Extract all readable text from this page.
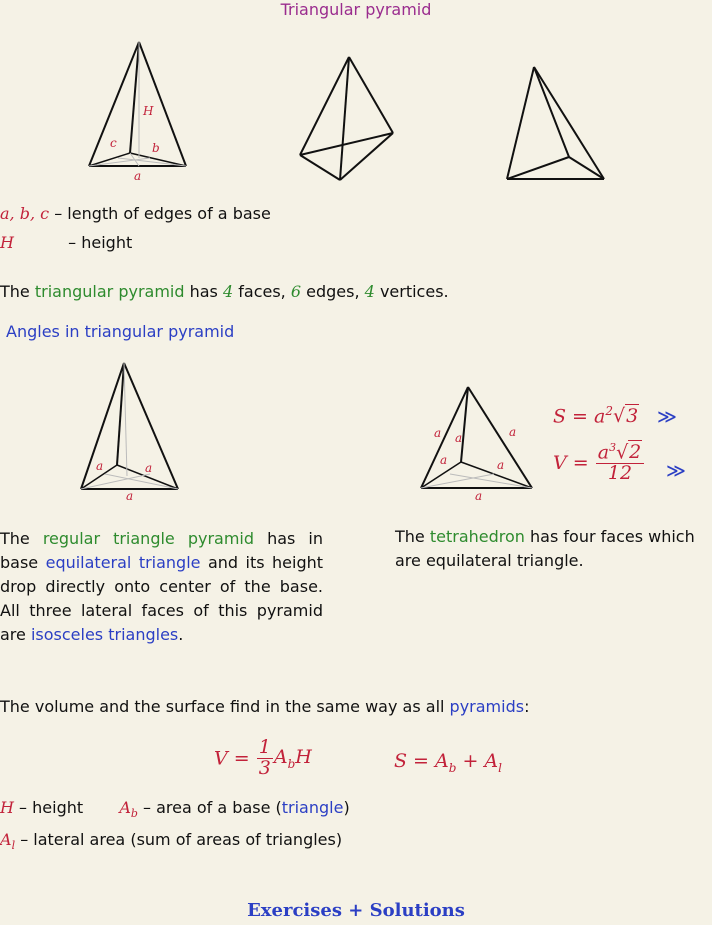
Triangular pyramid
H
c	b
a
a, b, c – length of edges of a base
H	– height
The triangular pyramid has 4 faces, 6 edges, 4 vertices.
Angles in triangular pyramid
a	a
a
a a	a
a	a
a
$S = a^2√3$ ≫
$V = \frac{a^3√2}{12}$ ≫
The regular triangle pyramid has in base equilateral triangle and its height drop directly onto center of the base. All three lateral faces of this pyramid are isosceles triangles.
The tetrahedron has four faces which are equilateral triangle.
The volume and the surface find in the same way as all pyramids:
$V = \frac{1}{3} A_bH$	$S = A_b + A_l$
H – height $A_b$ – area of a base (triangle)
$A_l$ – lateral area (sum of areas of triangles)
Exercises + Solutions
